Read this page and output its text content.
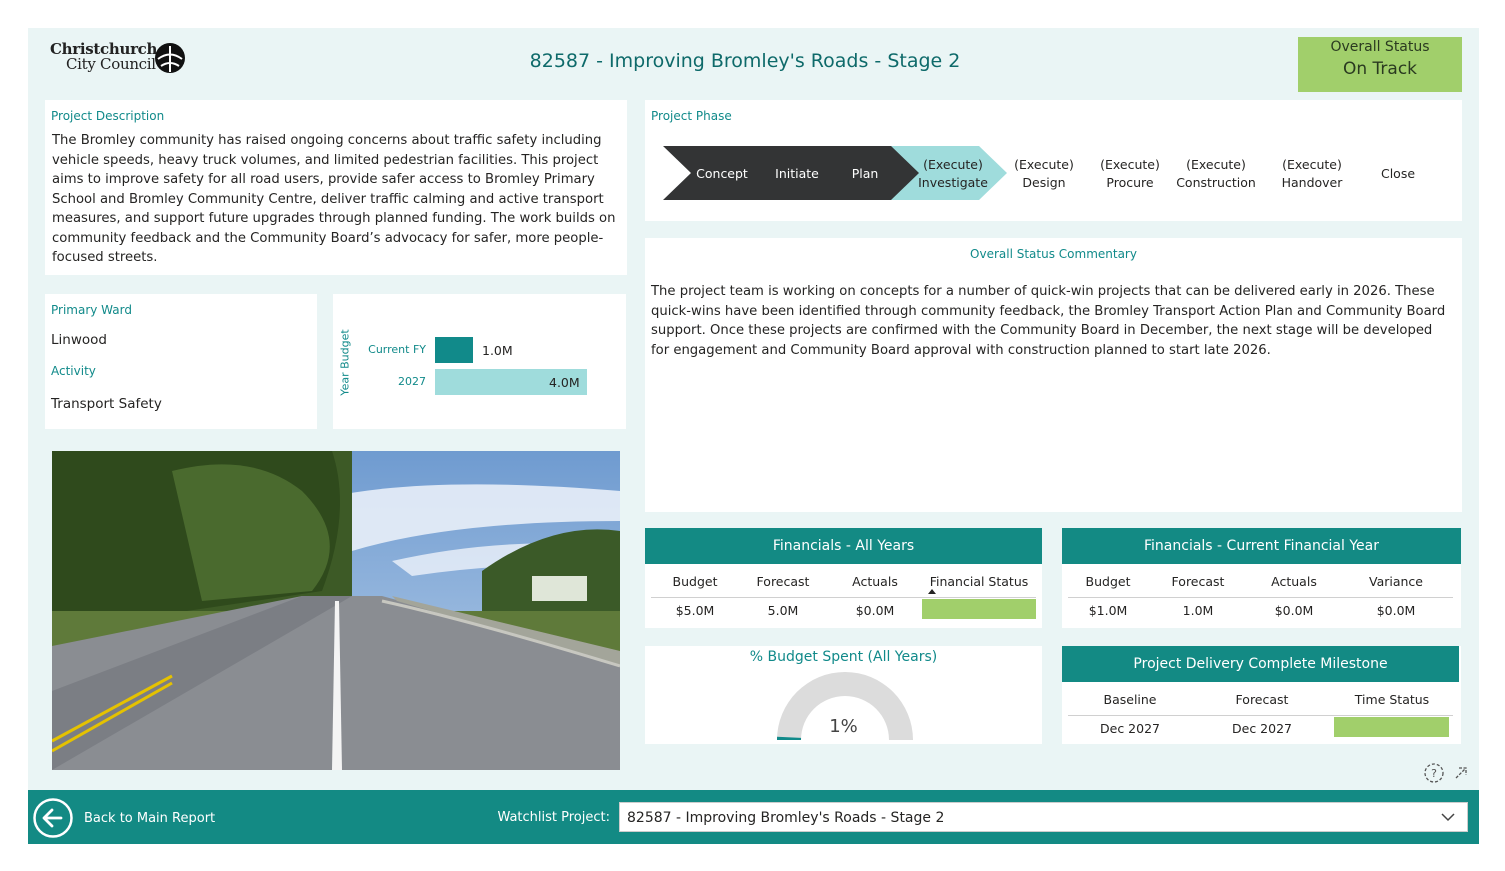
Christchurch
City Council	82587 - Improving Bromley's Roads - Stage 2
Overall Status
On Track
Project Description
The Bromley community has raised ongoing concerns about traffic safety including vehicle speeds, heavy truck volumes, and limited pedestrian facilities. This project aims to improve safety for all road users, provide safer access to Bromley Primary School and Bromley Community Centre, deliver traffic calming and active transport measures, and support future upgrades through planned funding. The work builds on community feedback and the Community Board’s advocacy for safer, more people-focused streets.
Primary Ward
Linwood
Activity
Transport Safety
Year Budget	Current FY	1.0M
2027	4.0M
Project Phase
Concept	Initiate	Plan
(Execute)
Investigate
(Execute)
Design
(Execute)
Procure
(Execute)
Construction
(Execute)
Handover
Close
Overall Status Commentary
The project team is working on concepts for a number of quick-win projects that can be delivered early in 2026. These quick-wins have been identified through community feedback, the Bromley Transport Action Plan and Community Board support. Once these projects are confirmed with the Community Board in December, the next stage will be developed for engagement and Community Board approval with construction planned to start late 2026.
Financials - All Years
Budget	Forecast	Actuals	Financial Status
$5.0M	5.0M	$0.0M
Financials - Current Financial Year
Budget	Forecast	Actuals	Variance
$1.0M	1.0M	$0.0M	$0.0M
% Budget Spent (All Years)
1%
Project Delivery Complete Milestone
Baseline	Forecast	Time Status
Dec 2027	Dec 2027
?
Back to Main Report	Watchlist Project: 82587 - Improving Bromley's Roads - Stage 2
